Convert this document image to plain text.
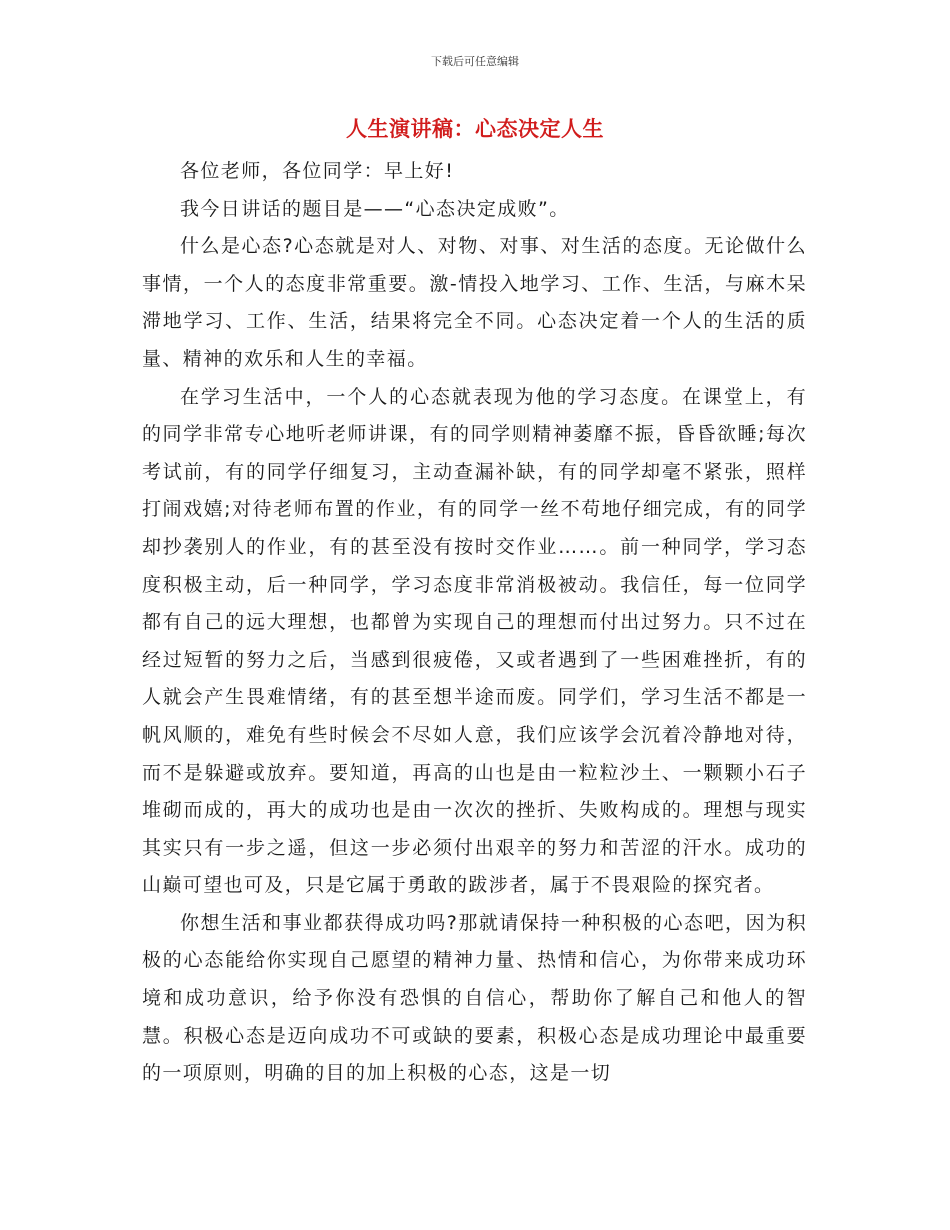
下载后可任意编辑
人生演讲稿：心态决定人生

各位老师，各位同学：早上好!

我今日讲话的题目是——“心态决定成败”。

什么是心态?心态就是对人、对物、对事、对生活的态度。无论做什么事情，一个人的态度非常重要。激-情投入地学习、工作、生活，与麻木呆滞地学习、工作、生活，结果将完全不同。心态决定着一个人的生活的质量、精神的欢乐和人生的幸福。

在学习生活中，一个人的心态就表现为他的学习态度。在课堂上，有的同学非常专心地听老师讲课，有的同学则精神萎靡不振，昏昏欲睡;每次考试前，有的同学仔细复习，主动查漏补缺，有的同学却毫不紧张，照样打闹戏嬉;对待老师布置的作业，有的同学一丝不苟地仔细完成，有的同学却抄袭别人的作业，有的甚至没有按时交作业……。前一种同学，学习态度积极主动，后一种同学，学习态度非常消极被动。我信任，每一位同学都有自己的远大理想，也都曾为实现自己的理想而付出过努力。只不过在经过短暂的努力之后，当感到很疲倦，又或者遇到了一些困难挫折，有的人就会产生畏难情绪，有的甚至想半途而废。同学们，学习生活不都是一帆风顺的，难免有些时候会不尽如人意，我们应该学会沉着冷静地对待，而不是躲避或放弃。要知道，再高的山也是由一粒粒沙土、一颗颗小石子堆砌而成的，再大的成功也是由一次次的挫折、失败构成的。理想与现实其实只有一步之遥，但这一步必须付出艰辛的努力和苦涩的汗水。成功的山巅可望也可及，只是它属于勇敢的跋涉者，属于不畏艰险的探究者。

你想生活和事业都获得成功吗?那就请保持一种积极的心态吧，因为积极的心态能给你实现自己愿望的精神力量、热情和信心，为你带来成功环境和成功意识，给予你没有恐惧的自信心，帮助你了解自己和他人的智慧。积极心态是迈向成功不可或缺的要素，积极心态是成功理论中最重要的一项原则，明确的目的加上积极的心态，这是一切
